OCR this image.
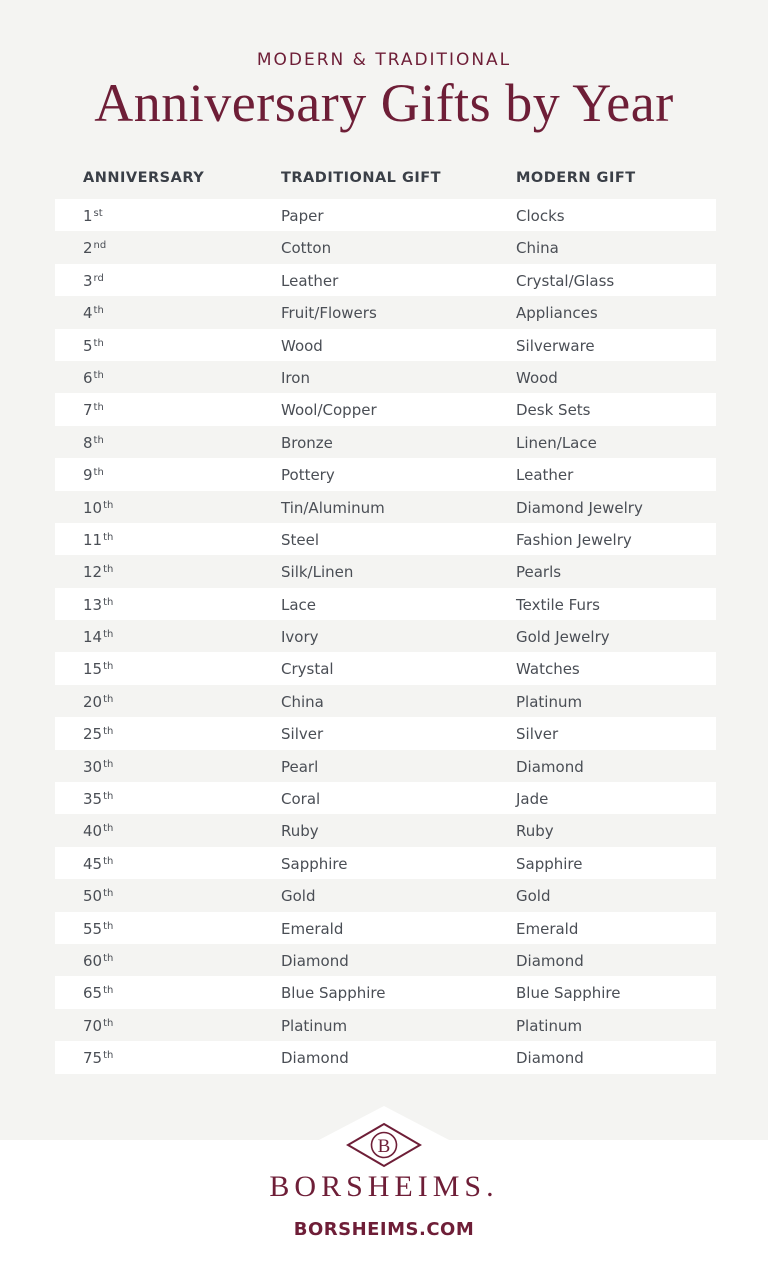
MODERN & TRADITIONAL
Anniversary Gifts by Year
ANNIVERSARY	TRADITIONAL GIFT	MODERN GIFT
1st	Paper	Clocks
2nd	Cotton	China
3rd	Leather	Crystal/Glass
4th	Fruit/Flowers	Appliances
5th	Wood	Silverware
6th	Iron	Wood
7th	Wool/Copper	Desk Sets
8th	Bronze	Linen/Lace
9th	Pottery	Leather
10th	Tin/Aluminum	Diamond Jewelry
11th	Steel	Fashion Jewelry
12th	Silk/Linen	Pearls
13th	Lace	Textile Furs
14th	Ivory	Gold Jewelry
15th	Crystal	Watches
20th	China	Platinum
25th	Silver	Silver
30th	Pearl	Diamond
35th	Coral	Jade
40th	Ruby	Ruby
45th	Sapphire	Sapphire
50th	Gold	Gold
55th	Emerald	Emerald
60th	Diamond	Diamond
65th	Blue Sapphire	Blue Sapphire
70th	Platinum	Platinum
75th	Diamond	Diamond
B
BORSHEIMS.
BORSHEIMS.COM
